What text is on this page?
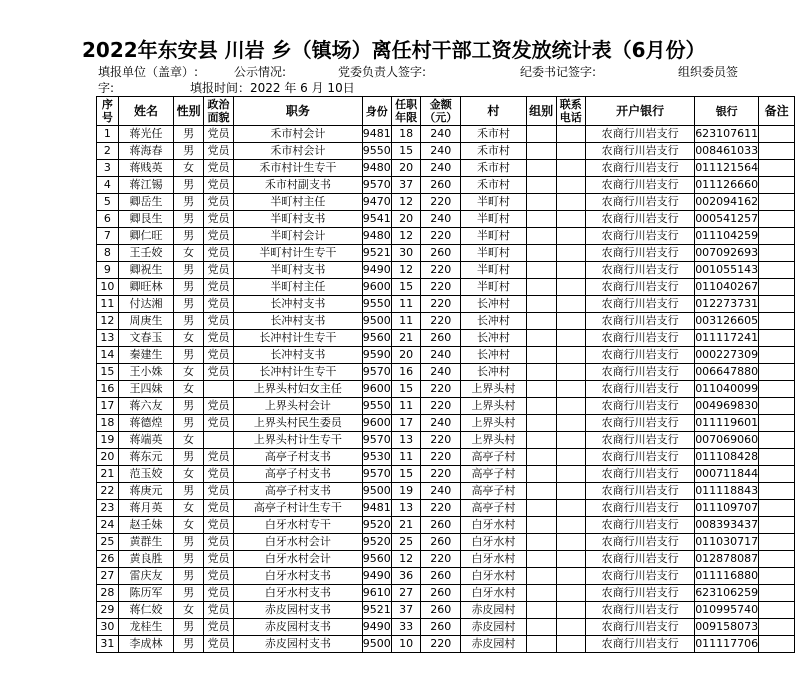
2022年东安县 川岩 乡（镇场）离任村干部工资发放统计表（6月份）
填报单位（盖章）:	公示情况:	党委负责人签字:	纪委书记签字:	组织委员签
字:	填报时间：2022 年 6 月 10日
序号	姓名	性别	政治面貌	职务	身份	任职年限	金额（元）	村	组别	联系电话	开户银行	银行	备注
1	蒋光任	男	党员	禾市村会计	9481	18	240	禾市村			农商行川岩支行	623107611	
2	蒋海春	男	党员	禾市村会计	9550	15	240	禾市村			农商行川岩支行	008461033	
3	蒋贱英	女	党员	禾市村计生专干	9480	20	240	禾市村			农商行川岩支行	011121564	
4	蒋江锡	男	党员	禾市村副支书	9570	37	260	禾市村			农商行川岩支行	011126660	
5	卿岳生	男	党员	半町村主任	9470	12	220	半町村			农商行川岩支行	002094162	
6	卿艮生	男	党员	半町村支书	9541	20	240	半町村			农商行川岩支行	000541257	
7	卿仁旺	男	党员	半町村会计	9480	12	220	半町村			农商行川岩支行	011104259	
8	王壬姣	女	党员	半町村计生专干	9521	30	260	半町村			农商行川岩支行	007092693	
9	卿祝生	男	党员	半町村支书	9490	12	220	半町村			农商行川岩支行	001055143	
10	卿旺林	男	党员	半町村主任	9600	15	220	半町村			农商行川岩支行	011040267	
11	付达湘	男	党员	长冲村支书	9550	11	220	长冲村			农商行川岩支行	012273731	
12	周庚生	男	党员	长冲村支书	9500	11	220	长冲村			农商行川岩支行	003126605	
13	文春玉	女	党员	长冲村计生专干	9560	21	260	长冲村			农商行川岩支行	011117241	
14	秦建生	男	党员	长冲村支书	9590	20	240	长冲村			农商行川岩支行	000227309	
15	王小姝	女	党员	长冲村计生专干	9570	16	240	长冲村			农商行川岩支行	006647880	
16	王四妹	女		上界头村妇女主任	9600	15	220	上界头村			农商行川岩支行	011040099	
17	蒋六友	男	党员	上界头村会计	9550	11	220	上界头村			农商行川岩支行	004969830	
18	蒋德煌	男	党员	上界头村民生委员	9600	17	240	上界头村			农商行川岩支行	011119601	
19	蒋端英	女		上界头村计生专干	9570	13	220	上界头村			农商行川岩支行	007069060	
20	蒋东元	男	党员	高亭子村支书	9530	11	220	高亭子村			农商行川岩支行	011108428	
21	范玉姣	女	党员	高亭子村支书	9570	15	220	高亭子村			农商行川岩支行	000711844	
22	蒋庚元	男	党员	高亭子村支书	9500	19	240	高亭子村			农商行川岩支行	011118843	
23	蒋月英	女	党员	高亭子村计生专干	9481	13	220	高亭子村			农商行川岩支行	011109707	
24	赵壬妹	女	党员	白牙水村专干	9520	21	260	白牙水村			农商行川岩支行	008393437	
25	黄群生	男	党员	白牙水村会计	9520	25	260	白牙水村			农商行川岩支行	011030717	
26	黄良胜	男	党员	白牙水村会计	9560	12	220	白牙水村			农商行川岩支行	012878087	
27	雷庆友	男	党员	白牙水村支书	9490	36	260	白牙水村			农商行川岩支行	011116880	
28	陈历军	男	党员	白牙水村支书	9610	27	260	白牙水村			农商行川岩支行	623106259	
29	蒋仁姣	女	党员	赤皮园村支书	9521	37	260	赤皮园村			农商行川岩支行	010995740	
30	龙桂生	男	党员	赤皮园村支书	9490	33	260	赤皮园村			农商行川岩支行	009158073	
31	李成林	男	党员	赤皮园村支书	9500	10	220	赤皮园村			农商行川岩支行	011117706	
